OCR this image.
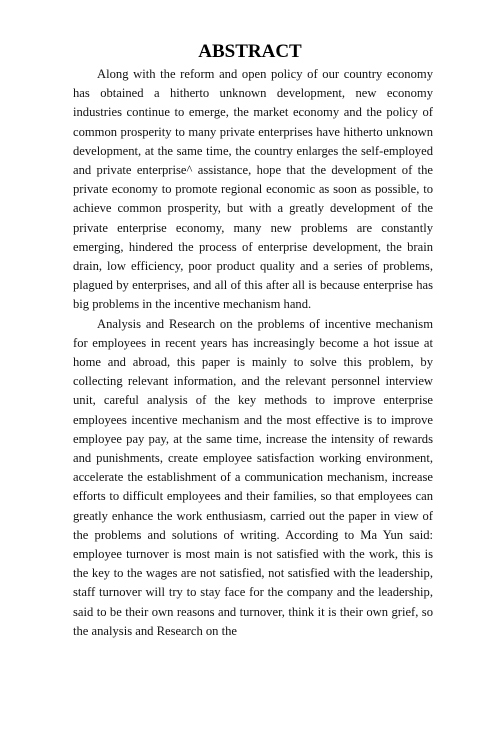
ABSTRACT

Along with the reform and open policy of our country economy has obtained a hitherto unknown development, new economy industries continue to emerge, the market economy and the policy of common prosperity to many private enterprises have hitherto unknown development, at the same time, the country enlarges the self-employed and private enterprise^ assistance, hope that the development of the private economy to promote regional economic as soon as possible, to achieve common prosperity, but with a greatly development of the private enterprise economy, many new problems are constantly emerging, hindered the process of enterprise development, the brain drain, low efficiency, poor product quality and a series of problems, plagued by enterprises, and all of this after all is because enterprise has big problems in the incentive mechanism hand.

Analysis and Research on the problems of incentive mechanism for employees in recent years has increasingly become a hot issue at home and abroad, this paper is mainly to solve this problem, by collecting relevant information, and the relevant personnel interview unit, careful analysis of the key methods to improve enterprise employees incentive mechanism and the most effective is to improve employee pay pay, at the same time, increase the intensity of rewards and punishments, create employee satisfaction working environment, accelerate the establishment of a communication mechanism, increase efforts to difficult employees and their families, so that employees can greatly enhance the work enthusiasm, carried out the paper in view of the problems and solutions of writing. According to Ma Yun said: employee turnover is most main is not satisfied with the work, this is the key to the wages are not satisfied, not satisfied with the leadership, staff turnover will try to stay face for the company and the leadership, said to be their own reasons and turnover, think it is their own grief, so the analysis and Research on the
